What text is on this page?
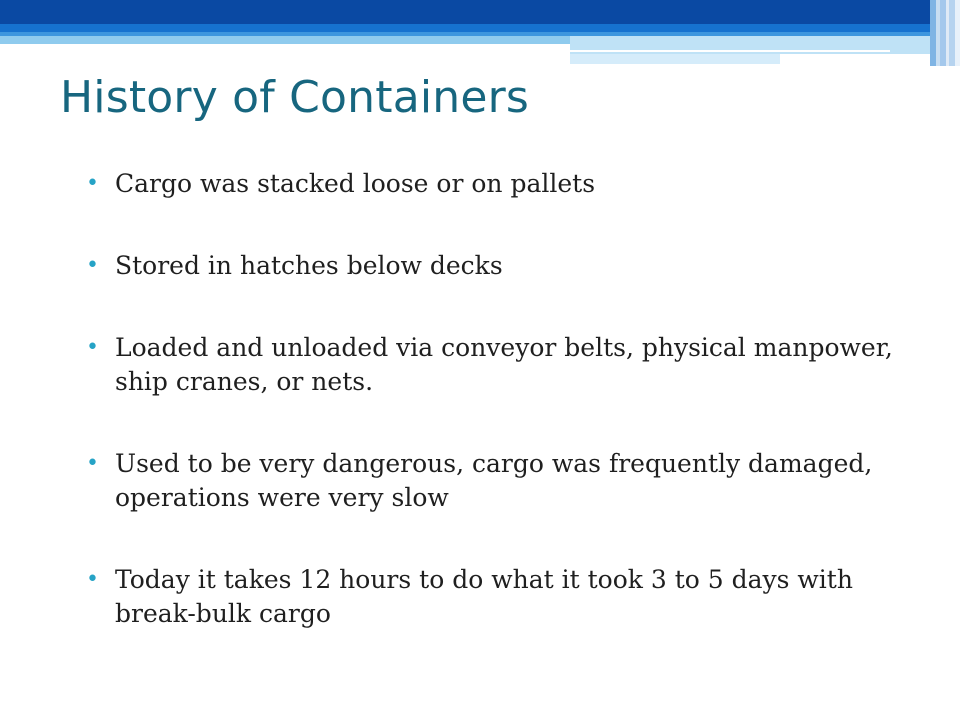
History of Containers
• Cargo was stacked loose or on pallets
• Stored in hatches below decks
• Loaded and unloaded via conveyor belts, physical manpower, ship cranes, or nets.
• Used to be very dangerous, cargo was frequently damaged, operations were very slow
• Today it takes 12 hours to do what it took 3 to 5 days with break-bulk cargo
